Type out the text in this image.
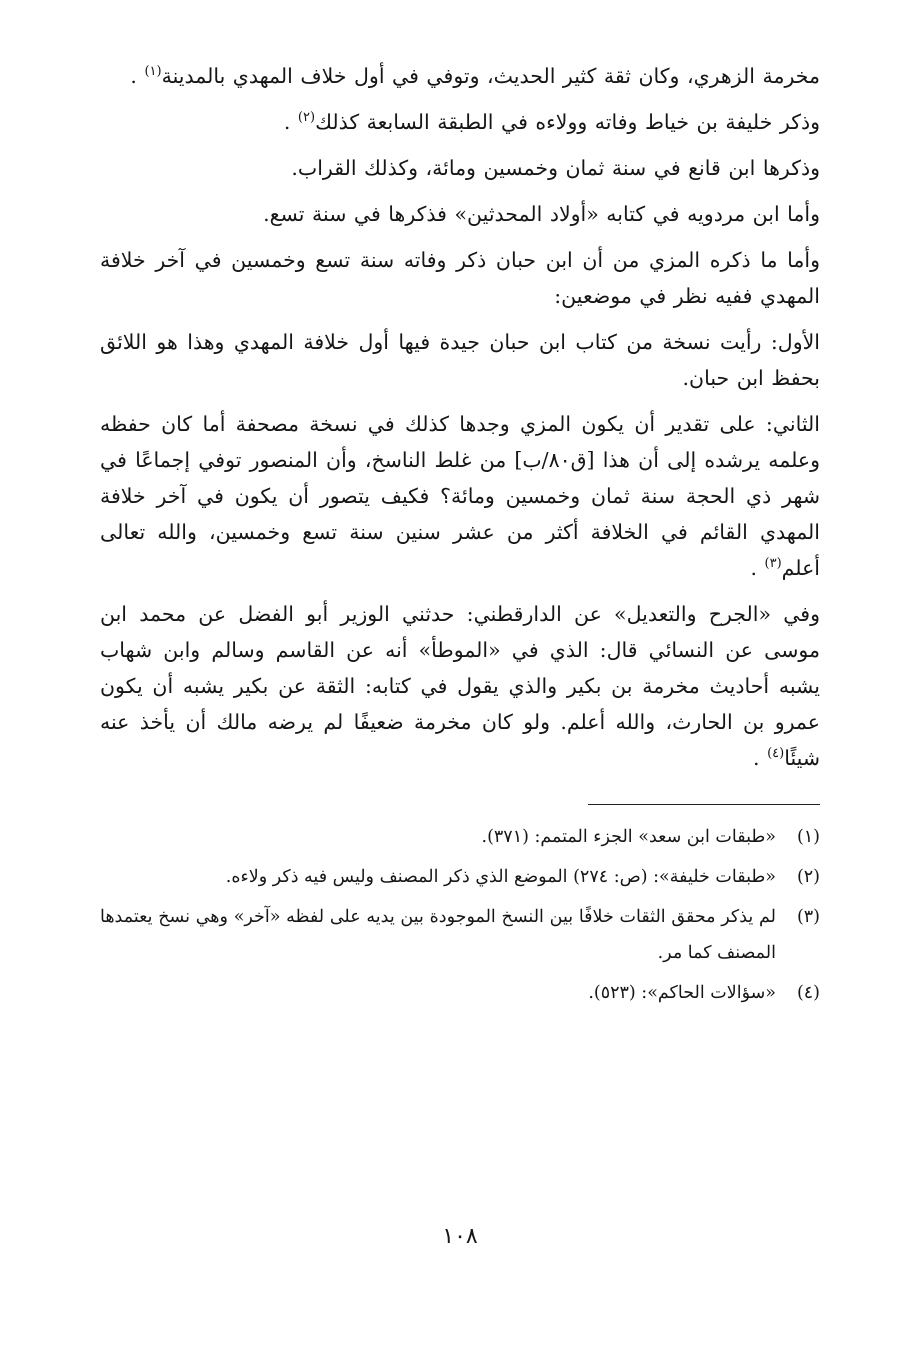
مخرمة الزهري، وكان ثقة كثير الحديث، وتوفي في أول خلاف المهدي بالمدينة$^{(١)}$ .

وذكر خليفة بن خياط وفاته وولاءه في الطبقة السابعة كذلك$^{(٢)}$ .

وذكرها ابن قانع في سنة ثمان وخمسين ومائة، وكذلك القراب.

وأما ابن مردويه في كتابه «أولاد المحدثين» فذكرها في سنة تسع.

وأما ما ذكره المزي من أن ابن حبان ذكر وفاته سنة تسع وخمسين في آخر خلافة المهدي ففيه نظر في موضعين:

الأول: رأيت نسخة من كتاب ابن حبان جيدة فيها أول خلافة المهدي وهذا هو اللائق بحفظ ابن حبان.

الثاني: على تقدير أن يكون المزي وجدها كذلك في نسخة مصحفة أما كان حفظه وعلمه يرشده إلى أن هذا [ق٨٠/ب] من غلط الناسخ، وأن المنصور توفي إجماعًا في شهر ذي الحجة سنة ثمان وخمسين ومائة؟ فكيف يتصور أن يكون في آخر خلافة المهدي القائم في الخلافة أكثر من عشر سنين سنة تسع وخمسين، والله تعالى أعلم$^{(٣)}$ .

وفي «الجرح والتعديل» عن الدارقطني: حدثني الوزير أبو الفضل عن محمد ابن موسى عن النسائي قال: الذي في «الموطأ» أنه عن القاسم وسالم وابن شهاب يشبه أحاديث مخرمة بن بكير والذي يقول في كتابه: الثقة عن بكير يشبه أن يكون عمرو بن الحارث، والله أعلم. ولو كان مخرمة ضعيفًا لم يرضه مالك أن يأخذ عنه شيئًا$^{(٤)}$ .

(١)
«طبقات ابن سعد» الجزء المتمم: (٣٧١).
(٢)
«طبقات خليفة»: (ص: ٢٧٤) الموضع الذي ذكر المصنف وليس فيه ذكر ولاءه.
(٣)
لم يذكر محقق الثقات خلافًا بين النسخ الموجودة بين يديه على لفظه «آخر» وهي نسخ يعتمدها المصنف كما مر.
(٤)
«سؤالات الحاكم»: (٥٢٣).
١٠٨
